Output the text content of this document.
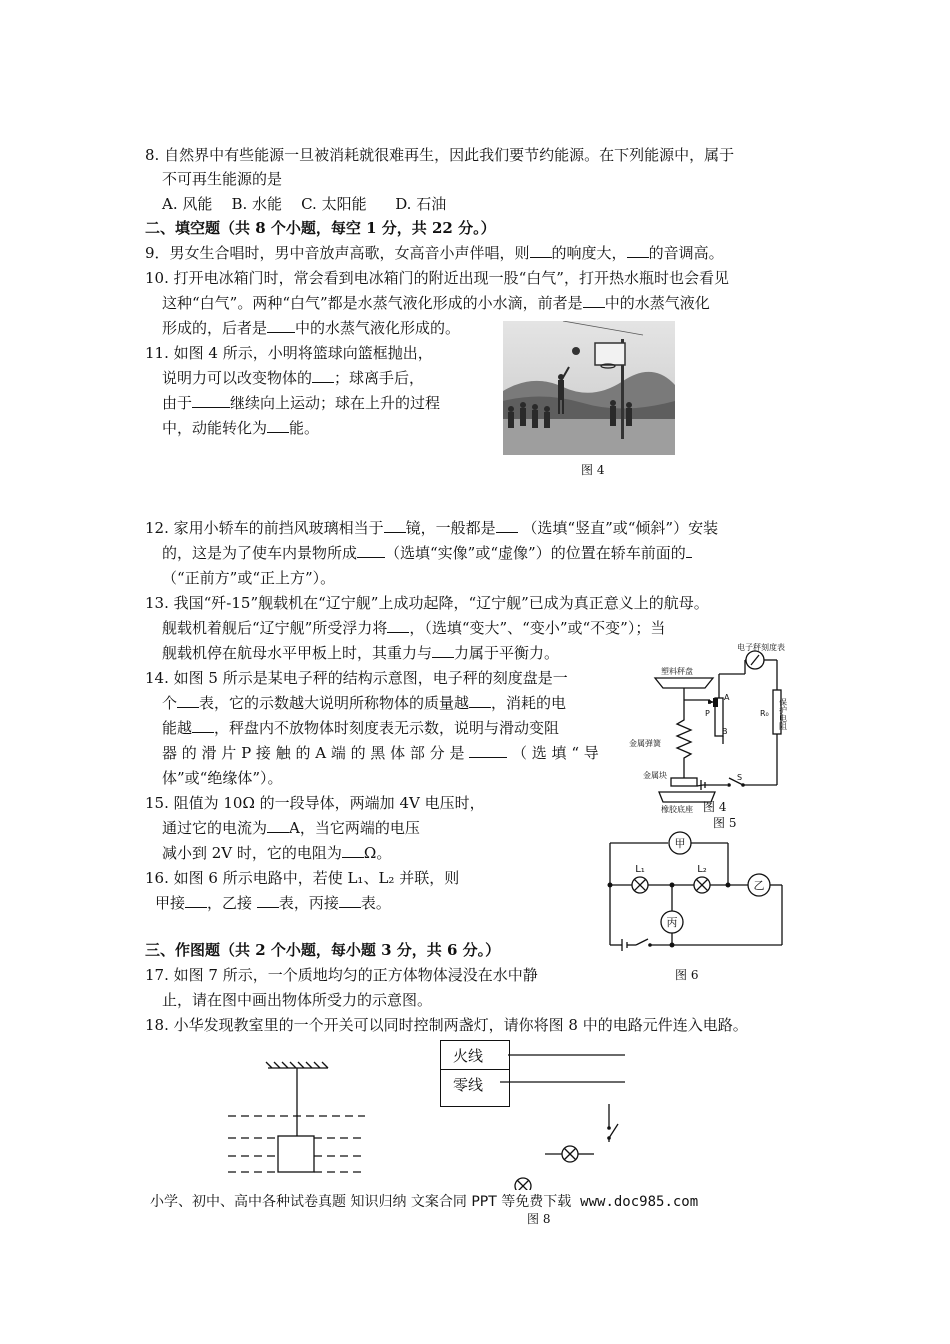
8. 自然界中有些能源一旦被消耗就很难再生，因此我们要节约能源。在下列能源中，属于
不可再生能源的是
A. 风能 B. 水能 C. 太阳能 D. 石油
二、填空题（共 8 个小题，每空 1 分，共 22 分。）
9．男女生合唱时，男中音放声高歌，女高音小声伴唱，则 的响度大， 的音调高。
10. 打开电冰箱门时，常会看到电冰箱门的附近出现一股“白气”，打开热水瓶时也会看见
这种“白气”。两种“白气”都是水蒸气液化形成的小水滴，前者是 中的水蒸气液化
形成的，后者是 中的水蒸气液化形成的。
11. 如图 4 所示，小明将篮球向篮框抛出，
说明力可以改变物体的 ；球离手后，
由于	继续向上运动；球在上升的过程
中，动能转化为 能。
图 4
12. 家用小轿车的前挡风玻璃相当于 镜，一般都是 （选填“竖直”或“倾斜”）安装
的，这是为了使车内景物所成 （选填“实像”或“虚像”）的位置在轿车前面的
（“正前方”或“正上方”）。
13. 我国“歼-15”舰载机在“辽宁舰”上成功起降，“辽宁舰”已成为真正意义上的航母。
舰载机着舰后“辽宁舰”所受浮力将 ，（选填“变大”、“变小”或“不变”）；当
舰载机停在航母水平甲板上时，其重力与 力属于平衡力。
14. 如图 5 所示是某电子秤的结构示意图，电子秤的刻度盘是一
个 表，它的示数越大说明所称物体的质量越 ，消耗的电
能越 ，秤盘内不放物体时刻度表无示数，说明与滑动变阻
器 的 滑 片 P 接 触 的 A 端 的 黑 体 部 分 是	（ 选 填 “ 导
体”或“绝缘体”）。
电子秤刻度表
塑料秤盘
A
P
B
R₀
金属弹簧
金属块	S
橡胶底座
保护电阻
图 4
图 5
15. 阻值为 10Ω 的一段导体，两端加 4V 电压时，
通过它的电流为 A，当它两端的电压
减小到 2V 时，它的电阻为 Ω。
16. 如图 6 所示电路中，若使 L₁、L₂ 并联，则
甲接 ，乙接 表，丙接 表。
甲
乙
丙
L₁	L₂
图 6
三、作图题（共 2 个小题，每小题 3 分，共 6 分。）
17. 如图 7 所示，一个质地均匀的正方体物体浸没在水中静
止，请在图中画出物体所受力的示意图。
18. 小华发现教室里的一个开关可以同时控制两盏灯，请你将图 8 中的电路元件连入电路。
火线
零线
图 8
小学、初中、高中各种试卷真题 知识归纳 文案合同 PPT 等免费下载 www.doc985.com
